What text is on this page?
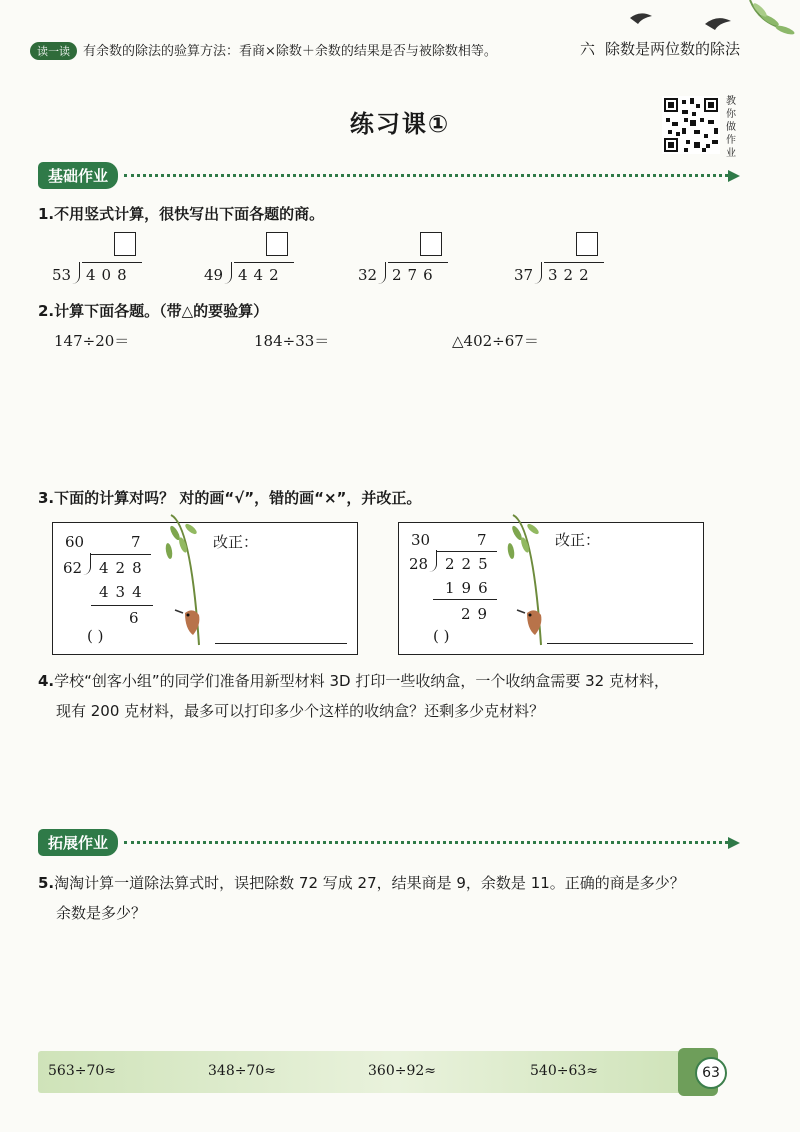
读一读 有余数的除法的验算方法：看商×除数＋余数的结果是否与被除数相等。	六 除数是两位数的除法
练习课①
教你做作业
基础作业
1.不用竖式计算，很快写出下面各题的商。
53 408	49 442	32 276	37 322
2.计算下面各题。（带△的要验算）
147÷20＝	184÷33＝	△402÷67＝
3.下面的计算对吗？ 对的画“√”，错的画“×”，并改正。
60	7
62 428
434
6
( )
改正：	30	7
28 225
196
29
( )
改正：
4.学校“创客小组”的同学们准备用新型材料 3D 打印一些收纳盒，一个收纳盒需要 32 克材料，
现有 200 克材料，最多可以打印多少个这样的收纳盒？还剩多少克材料？
拓展作业
5.淘淘计算一道除法算式时，误把除数 72 写成 27，结果商是 9，余数是 11。正确的商是多少？
余数是多少？
563÷70≈	348÷70≈	360÷92≈	540÷63≈	63
